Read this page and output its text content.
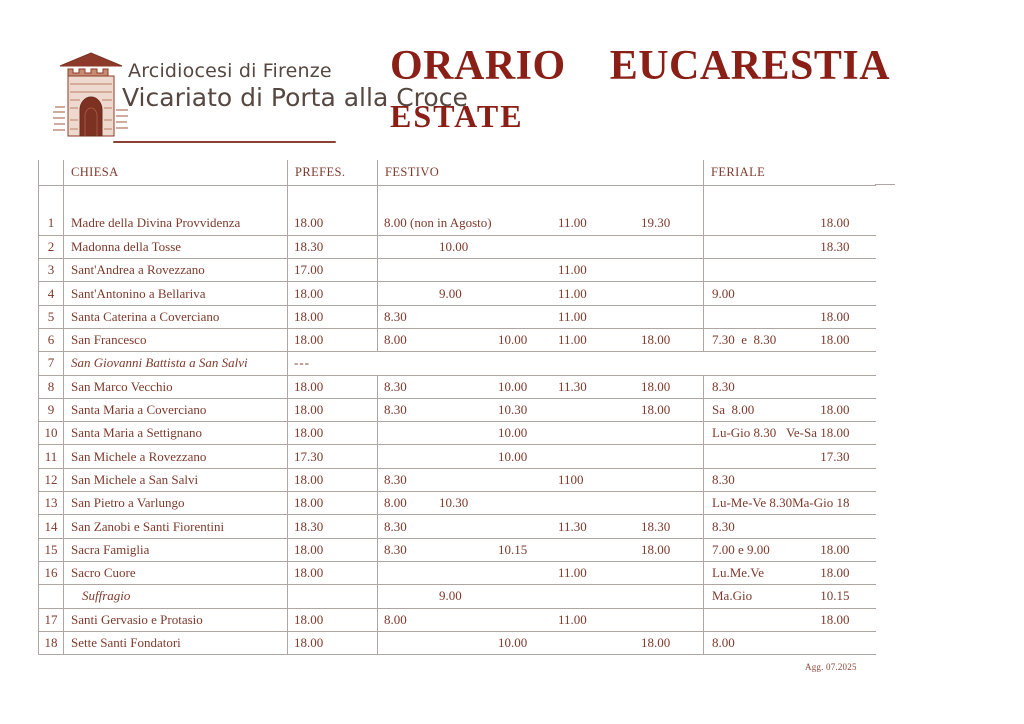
Arcidiocesi di Firenze
Vicariato di Porta alla Croce
ORARIO EUCARESTIA
ESTATE
	CHIESA	PREFES.	FESTIVO	FERIALE

1	Madre della Divina Provvidenza	18.00	8.00 (non in Agosto) 11.00 19.30	18.00

2	Madonna della Tosse	18.30	10.00	18.30

3	Sant'Andrea a Rovezzano	17.00	11.00	

4	Sant'Antonino a Bellariva	18.00	9.00 11.00	9.00

5	Santa Caterina a Coverciano	18.00	8.30 11.00	18.00

6	San Francesco	18.00	8.00 10.00 11.00 18.00	7.30  e  8.30 18.00

7	San Giovanni Battista a San Salvi	---		
8	San Marco Vecchio	18.00	8.30 10.00 11.30 18.00	8.30

9	Santa Maria a Coverciano	18.00	8.30 10.30 18.00	Sa  8.00 18.00

10	Santa Maria a Settignano	18.00	10.00	Lu-Gio 8.30 Ve-Sa 18.00

11	San Michele a Rovezzano	17.30	10.00	17.30

12	San Michele a San Salvi	18.00	8.30 1100	8.30

13	San Pietro a Varlungo	18.00	8.00 10.30	Lu-Me-Ve 8.30 Ma-Gio 18

14	San Zanobi e Santi Fiorentini	18.30	8.30 11.30 18.30	8.30

15	Sacra Famiglia	18.00	8.30 10.15 18.00	7.00 e 9.00 18.00

16	Sacro Cuore	18.00	11.00	Lu.Me.Ve 18.00

	Suffragio		9.00	Ma.Gio 10.15

17	Santi Gervasio e Protasio	18.00	8.00 11.00	18.00

18	Sette Santi Fondatori	18.00	10.00 18.00	8.00
Agg. 07.2025
